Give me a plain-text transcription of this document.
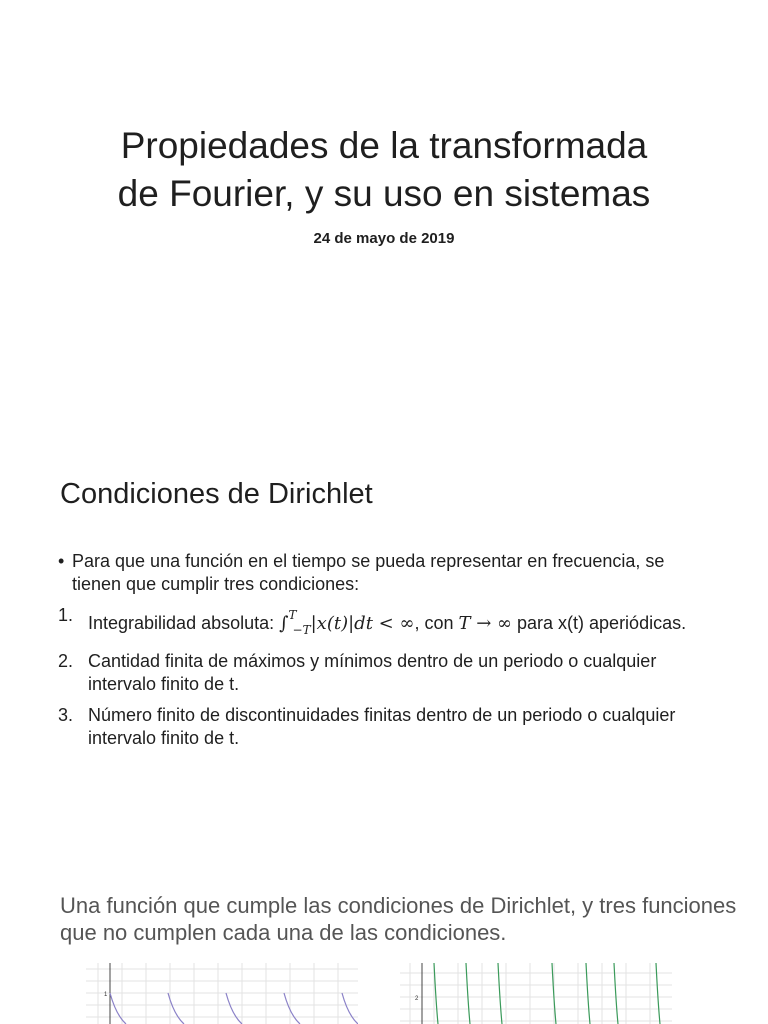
Propiedades de la transformada
de Fourier, y su uso en sistemas
24 de mayo de 2019
Condiciones de Dirichlet
• Para que una función en el tiempo se pueda representar en frecuencia, se tienen que cumplir tres condiciones:
1. Integrabilidad absoluta: ∫$^T_{-T}$|x(t)|dt < ∞, con T → ∞ para x(t) aperiódicas.
2. Cantidad finita de máximos y mínimos dentro de un periodo o cualquier intervalo finito de t.
3. Número finito de discontinuidades finitas dentro de un periodo o cualquier intervalo finito de t.
Una función que cumple las condiciones de Dirichlet, y tres funciones que no cumplen cada una de las condiciones.
1
2
